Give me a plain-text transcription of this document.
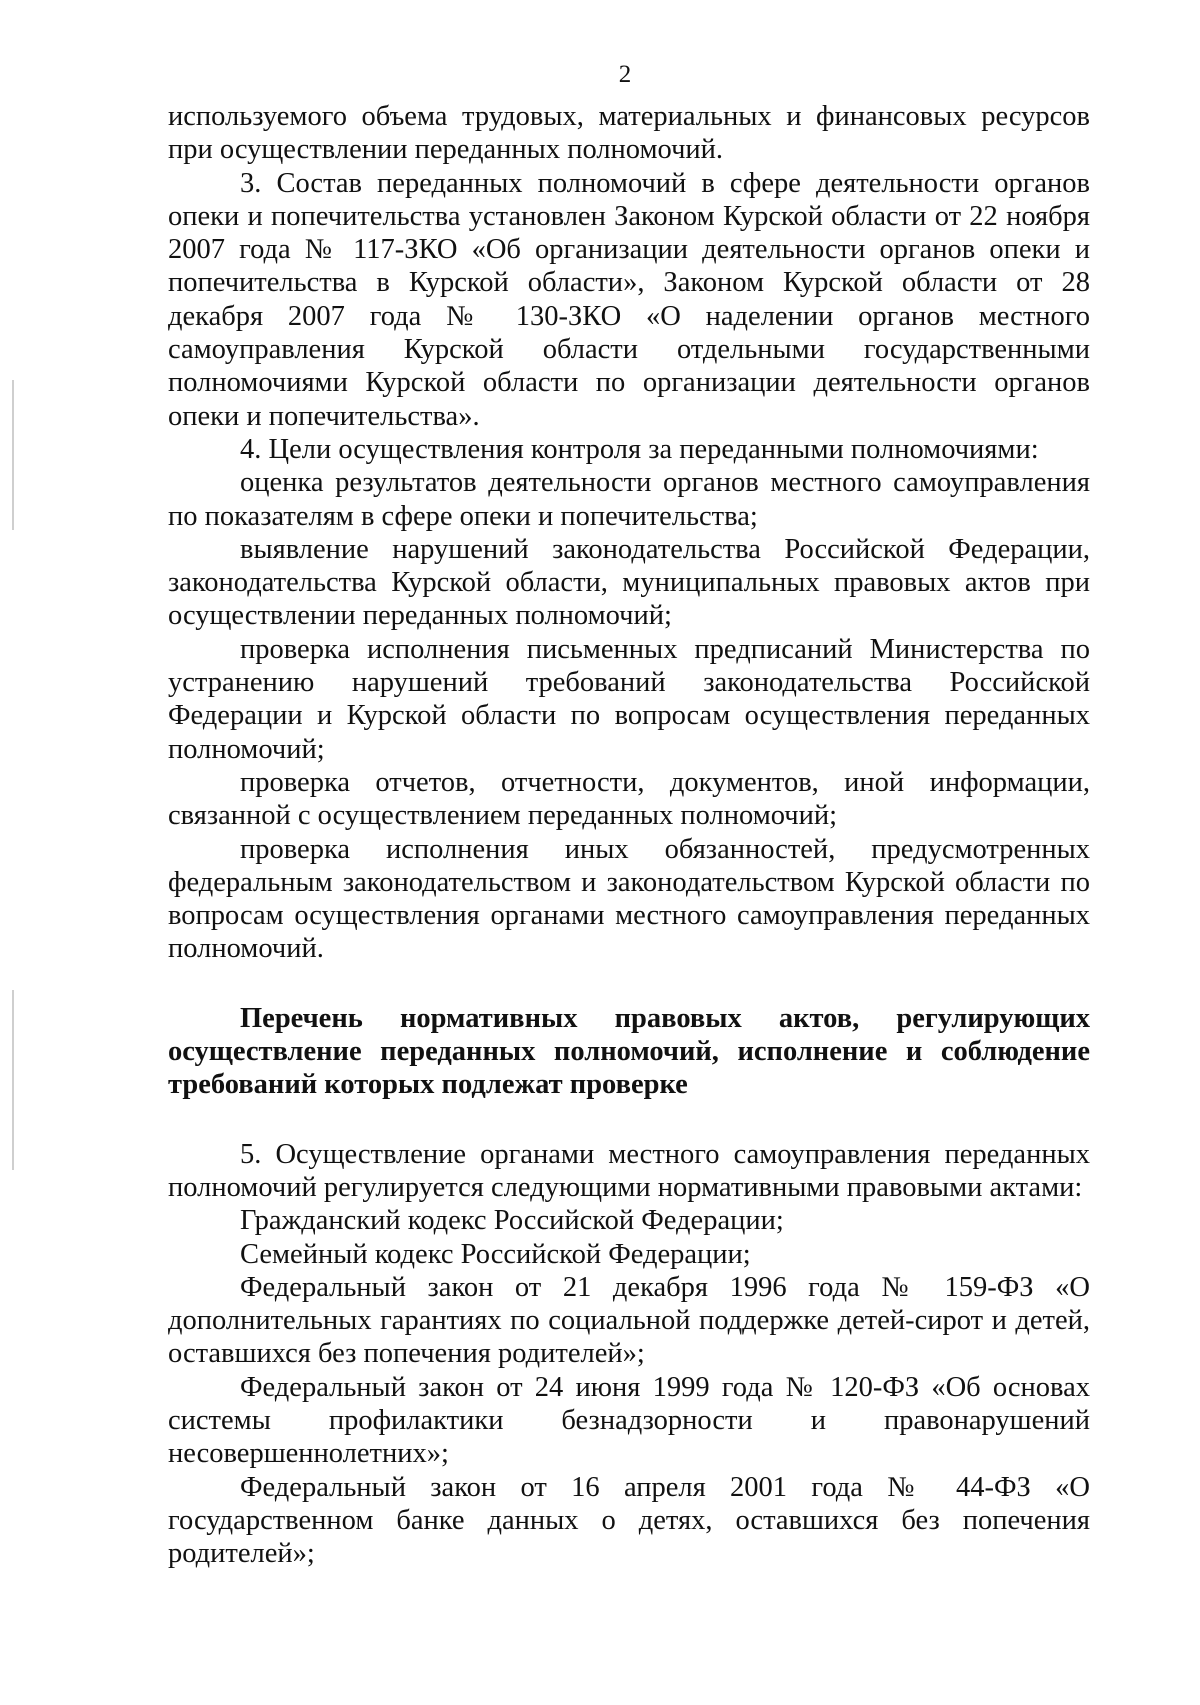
2

используемого объема трудовых, материальных и финансовых ресурсов при осуществлении переданных полномочий.

3. Состав переданных полномочий в сфере деятельности органов опеки и попечительства установлен Законом Курской области от 22 ноября 2007 года № 117-ЗКО «Об организации деятельности органов опеки и попечительства в Курской области», Законом Курской области от 28 декабря 2007 года № 130-ЗКО «О наделении органов местного самоуправления Курской области отдельными государственными полномочиями Курской области по организации деятельности органов опеки и попечительства».

4. Цели осуществления контроля за переданными полномочиями:

оценка результатов деятельности органов местного самоуправления по показателям в сфере опеки и попечительства;

выявление нарушений законодательства Российской Федерации, законодательства Курской области, муниципальных правовых актов при осуществлении переданных полномочий;

проверка исполнения письменных предписаний Министерства по устранению нарушений требований законодательства Российской Федерации и Курской области по вопросам осуществления переданных полномочий;

проверка отчетов, отчетности, документов, иной информации, связанной с осуществлением переданных полномочий;

проверка исполнения иных обязанностей, предусмотренных федеральным законодательством и законодательством Курской области по вопросам осуществления органами местного самоуправления переданных полномочий.

Перечень нормативных правовых актов, регулирующих осуществление переданных полномочий, исполнение и соблюдение требований которых подлежат проверке

5. Осуществление органами местного самоуправления переданных полномочий регулируется следующими нормативными правовыми актами:

Гражданский кодекс Российской Федерации;

Семейный кодекс Российской Федерации;

Федеральный закон от 21 декабря 1996 года № 159-ФЗ «О дополнительных гарантиях по социальной поддержке детей-сирот и детей, оставшихся без попечения родителей»;

Федеральный закон от 24 июня 1999 года № 120-ФЗ «Об основах системы профилактики безнадзорности и правонарушений несовершеннолетних»;

Федеральный закон от 16 апреля 2001 года № 44-ФЗ «О государственном банке данных о детях, оставшихся без попечения родителей»;
